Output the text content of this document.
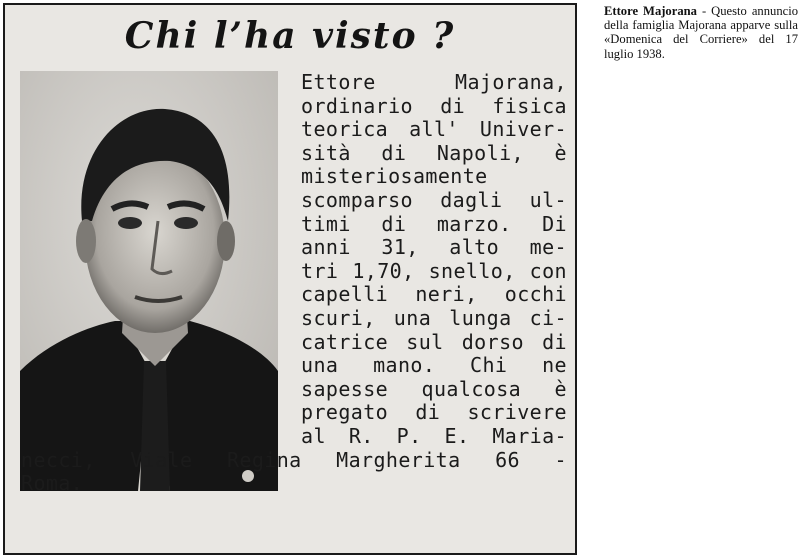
Chi l’ha visto ?
Ettore Majorana,
ordinario di fisica
teorica all' Univer-
sità di Napoli, è
misteriosamente
scomparso dagli ul-
timi di marzo. Di
anni 31, alto me-
tri 1,70, snello, con
capelli neri, occhi
scuri, una lunga ci-
catrice sul dorso di
una mano. Chi ne
sapesse qualcosa è
pregato di scrivere
al R. P. E. Maria-
necci, Viale Regina Margherita 66 -
Roma.
Ettore Majorana - Questo annuncio della famiglia Majorana apparve sulla «Domenica del Corriere» del 17 luglio 1938.
